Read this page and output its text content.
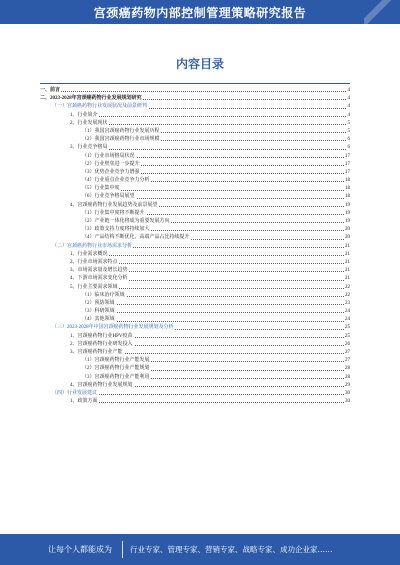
宫颈癌药物内部控制管理策略研究报告
内容目录
一、前言	4
二、2023-2028年宫颈癌药物行业发展规划研究	4
（一）宫颈癌药物行业发展状况及前景研判	4
1、行业简介	4
2、行业发展现状	5
（1）我国宫颈癌药物行业发展历程	5
（2）我国宫颈癌药物行业市场规模	6
3、行业竞争格局	6
（1）行业市场格局状况	17
（2）行业壁垒进一步提升	17
（3）优势企业竞争力增强	17
（4）行业重点企业竞争力分析	18
（5）行业集中度	18
（6）行业竞争格局展望	18
4、宫颈癌药物行业发展趋势及前景展望	19
（1）行业集中度将不断提升	19
（2）产业链一体化将成为重要发展方向	19
（3）政策支持力度将持续加大	20
（4）产品结构不断优化，高端产品占比持续提升	20
（二）宫颈癌药物行业市场需求分析	21
1、行业需求概况	21
2、行业市场需求特点	21
3、市场需求量及增长趋势	21
4、下游市场需求变化分析	21
5、行业主要需求领域	22
（1）临床治疗领域	22
（2）预防领域	23
（3）科研领域	24
（4）其他领域	24
（三）2023-2028年中国宫颈癌药物行业发展规划及分析	25
1、宫颈癌药物行业HPV疫苗	25
2、宫颈癌药物行业研发投入	26
3、宫颈癌药物行业产能	27
（1）宫颈癌药物行业产能发展	27
（2）宫颈癌药物行业产能规划	28
（3）宫颈癌药物行业产能利用	28
4、宫颈癌药物行业发展规划	29
（四）行业发展建议	30
1、政策方面	30
让每个人都能成为 行业专家、管理专家、营销专家、战略专家、成功企业家……
